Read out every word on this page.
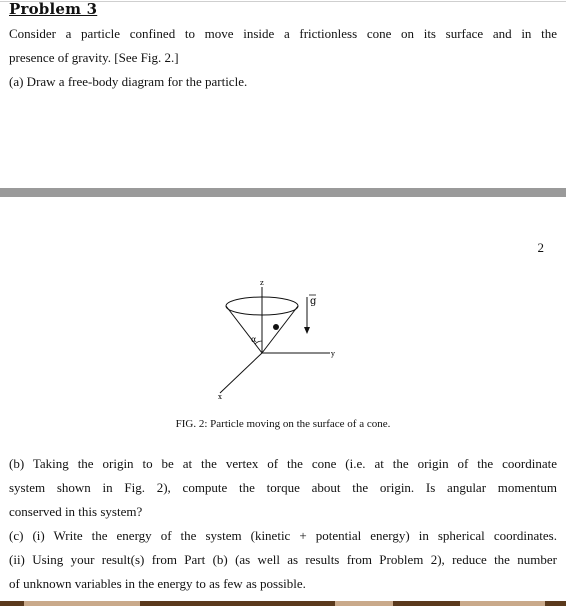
Problem 3
Consider a particle confined to move inside a frictionless cone on its surface and in the
presence of gravity. [See Fig. 2.]
(a) Draw a free-body diagram for the particle.
2
z
y
x
α
g
FIG. 2: Particle moving on the surface of a cone.
(b) Taking the origin to be at the vertex of the cone (i.e. at the origin of the coordinate
system shown in Fig. 2), compute the torque about the origin. Is angular momentum
conserved in this system?
(c) (i) Write the energy of the system (kinetic + potential energy) in spherical coordinates.
(ii) Using your result(s) from Part (b) (as well as results from Problem 2), reduce the number
of unknown variables in the energy to as few as possible.
